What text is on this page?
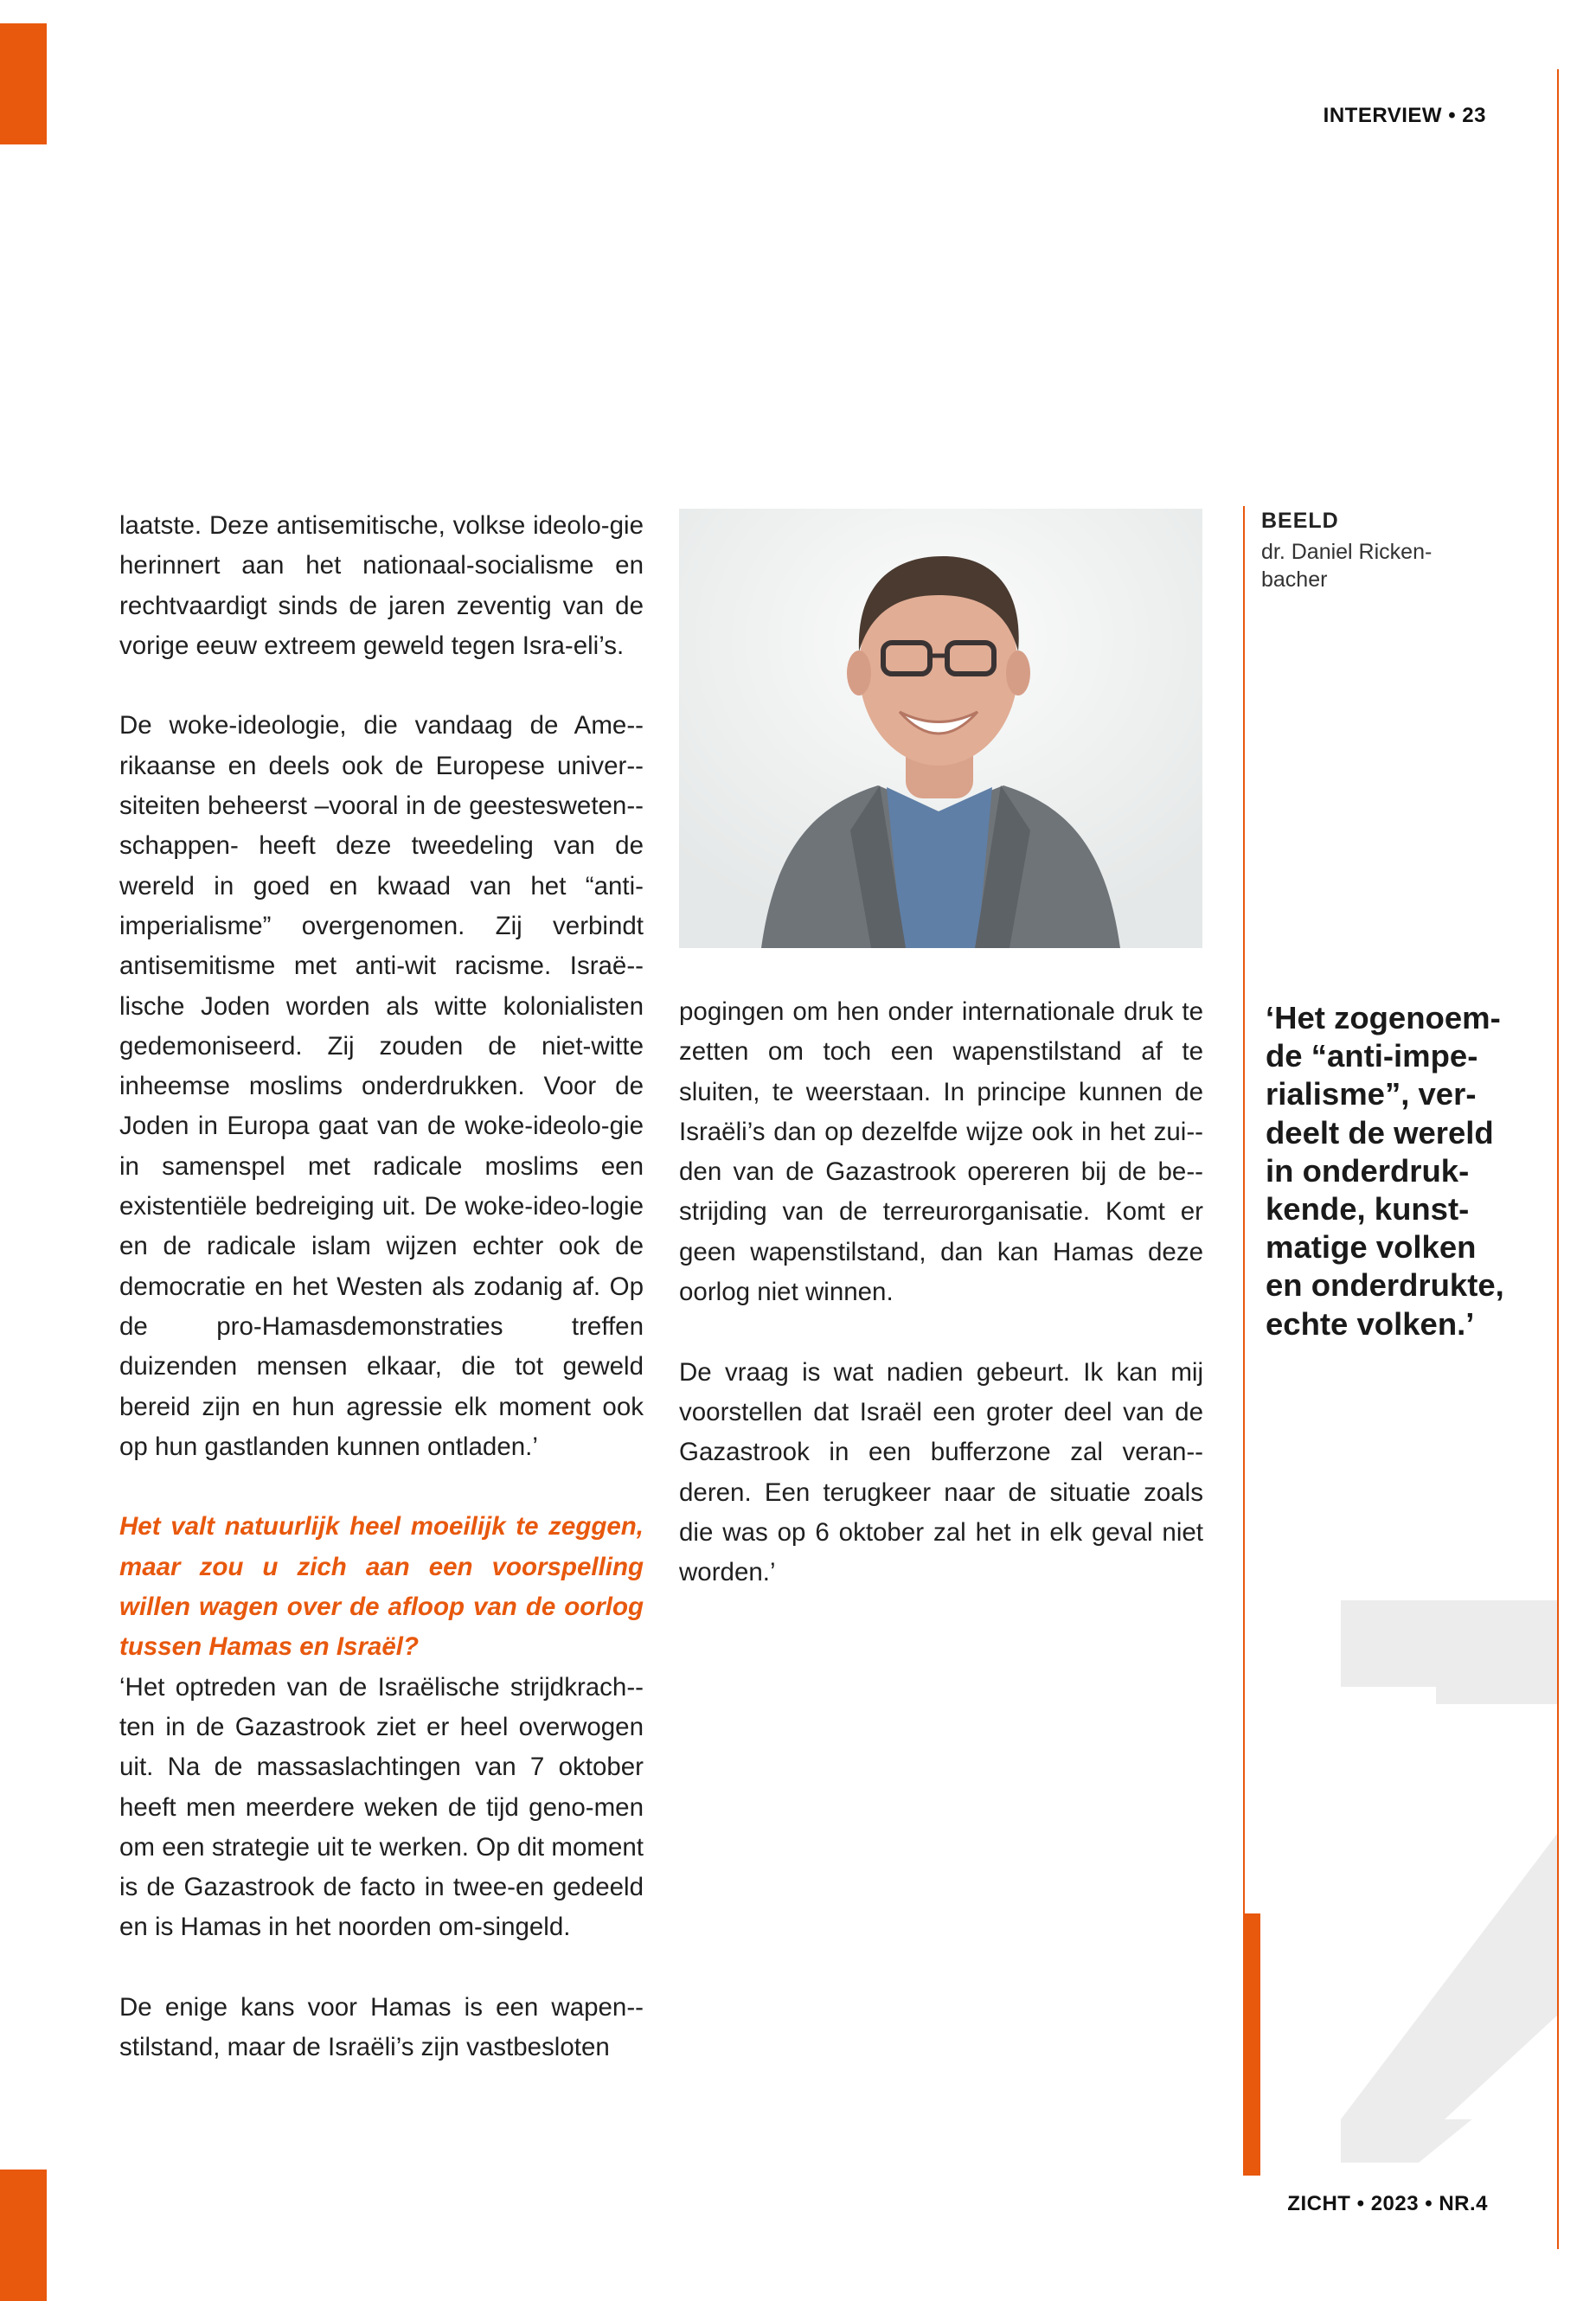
INTERVIEW • 23
ZICHT • 2023 • NR.4

laatste. Deze antisemitische, volkse ideolo-gie herinnert aan het nationaal-socialisme en rechtvaardigt sinds de jaren zeventig van de vorige eeuw extreem geweld tegen Isra-eli’s.

De woke-ideologie, die vandaag de Ame-rikaanse en deels ook de Europese univer-siteiten beheerst –vooral in de geestesweten-schappen- heeft deze tweedeling van de wereld in goed en kwaad van het “anti-imperialisme” overgenomen. Zij verbindt antisemitisme met anti-wit racisme. Israë-lische Joden worden als witte kolonialisten gedemoniseerd. Zij zouden de niet-witte inheemse moslims onderdrukken. Voor de Joden in Europa gaat van de woke-ideolo-gie in samenspel met radicale moslims een existentiële bedreiging uit. De woke-ideo-logie en de radicale islam wijzen echter ook de democratie en het Westen als zodanig af. Op de pro-Hamasdemonstraties treffen duizenden mensen elkaar, die tot geweld bereid zijn en hun agressie elk moment ook op hun gastlanden kunnen ontladen.’

Het valt natuurlijk heel moeilijk te zeggen, maar zou u zich aan een voorspelling willen wagen over de afloop van de oorlog tussen Hamas en Israël?
‘Het optreden van de Israëlische strijdkrach-ten in de Gazastrook ziet er heel overwogen uit. Na de massaslachtingen van 7 oktober heeft men meerdere weken de tijd geno-men om een strategie uit te werken. Op dit moment is de Gazastrook de facto in twee-en gedeeld en is Hamas in het noorden om-singeld.

De enige kans voor Hamas is een wapen-stilstand, maar de Israëli’s zijn vastbesloten

pogingen om hen onder internationale druk te zetten om toch een wapenstilstand af te sluiten, te weerstaan. In principe kunnen de Israëli’s dan op dezelfde wijze ook in het zui-den van de Gazastrook opereren bij de be-strijding van de terreurorganisatie. Komt er geen wapenstilstand, dan kan Hamas deze oorlog niet winnen.

De vraag is wat nadien gebeurt. Ik kan mij voorstellen dat Israël een groter deel van de Gazastrook in een bufferzone zal veran-deren. Een terugkeer naar de situatie zoals die was op 6 oktober zal het in elk geval niet worden.’

BEELD
dr. Daniel Ricken-
bacher
‘Het zogenoem-
de “anti-impe-
rialisme”, ver-
deelt de wereld
in onderdruk-
kende, kunst-
matige volken
en onderdrukte,
echte volken.’
